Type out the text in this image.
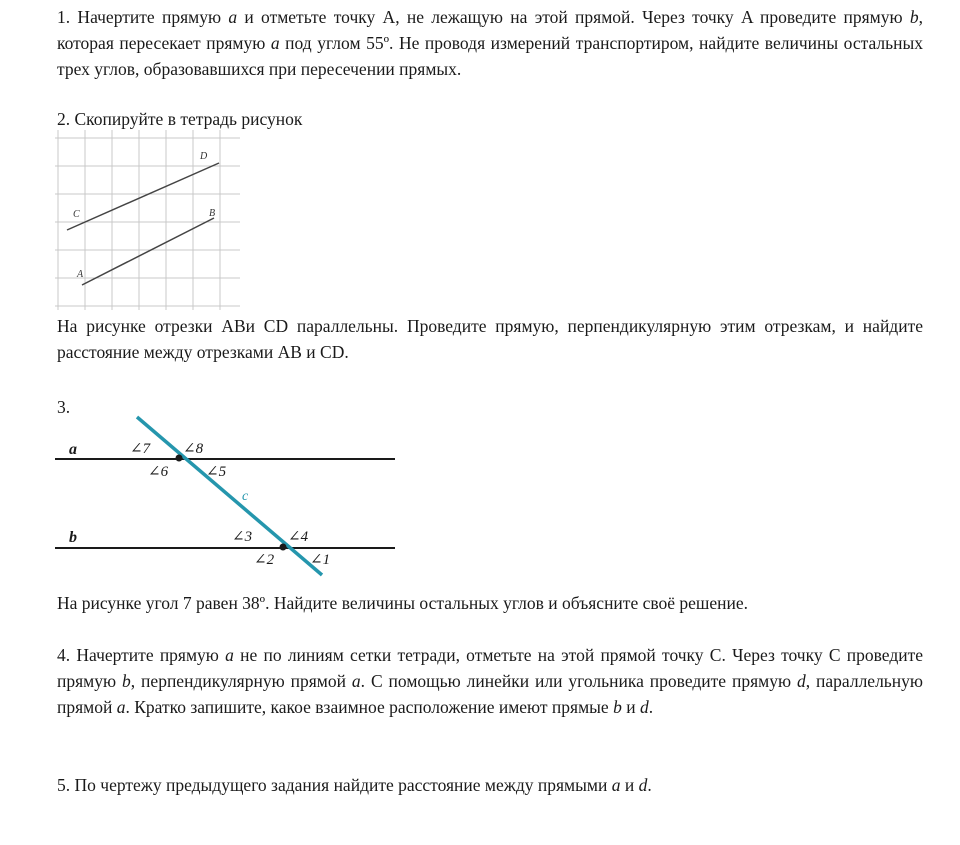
1. Начертите прямую a и отметьте точку A, не лежащую на этой прямой. Через точку A проведите прямую b, которая пересекает прямую a под углом 55º. Не проводя измерений транспортиром, найдите величины остальных трех углов, образовавшихся при пересечении прямых.

2. Скопируйте в тетрадь рисунок

D
C	B
A

На рисунке отрезки ABи CD параллельны. Проведите прямую, перпендикулярную этим отрезкам, и найдите расстояние между отрезками AB и CD.

3.

a
b
c
∠7 ∠8
∠6	∠5
∠3 ∠4
∠2 ∠1

На рисунке угол 7 равен 38º. Найдите величины остальных углов и объясните своё решение.

4. Начертите прямую a не по линиям сетки тетради, отметьте на этой прямой точку C. Через точку C проведите прямую b, перпендикулярную прямой a. С помощью линейки или угольника проведите прямую d, параллельную прямой a. Кратко запишите, какое взаимное расположение имеют прямые b и d.

5. По чертежу предыдущего задания найдите расстояние между прямыми a и d.
